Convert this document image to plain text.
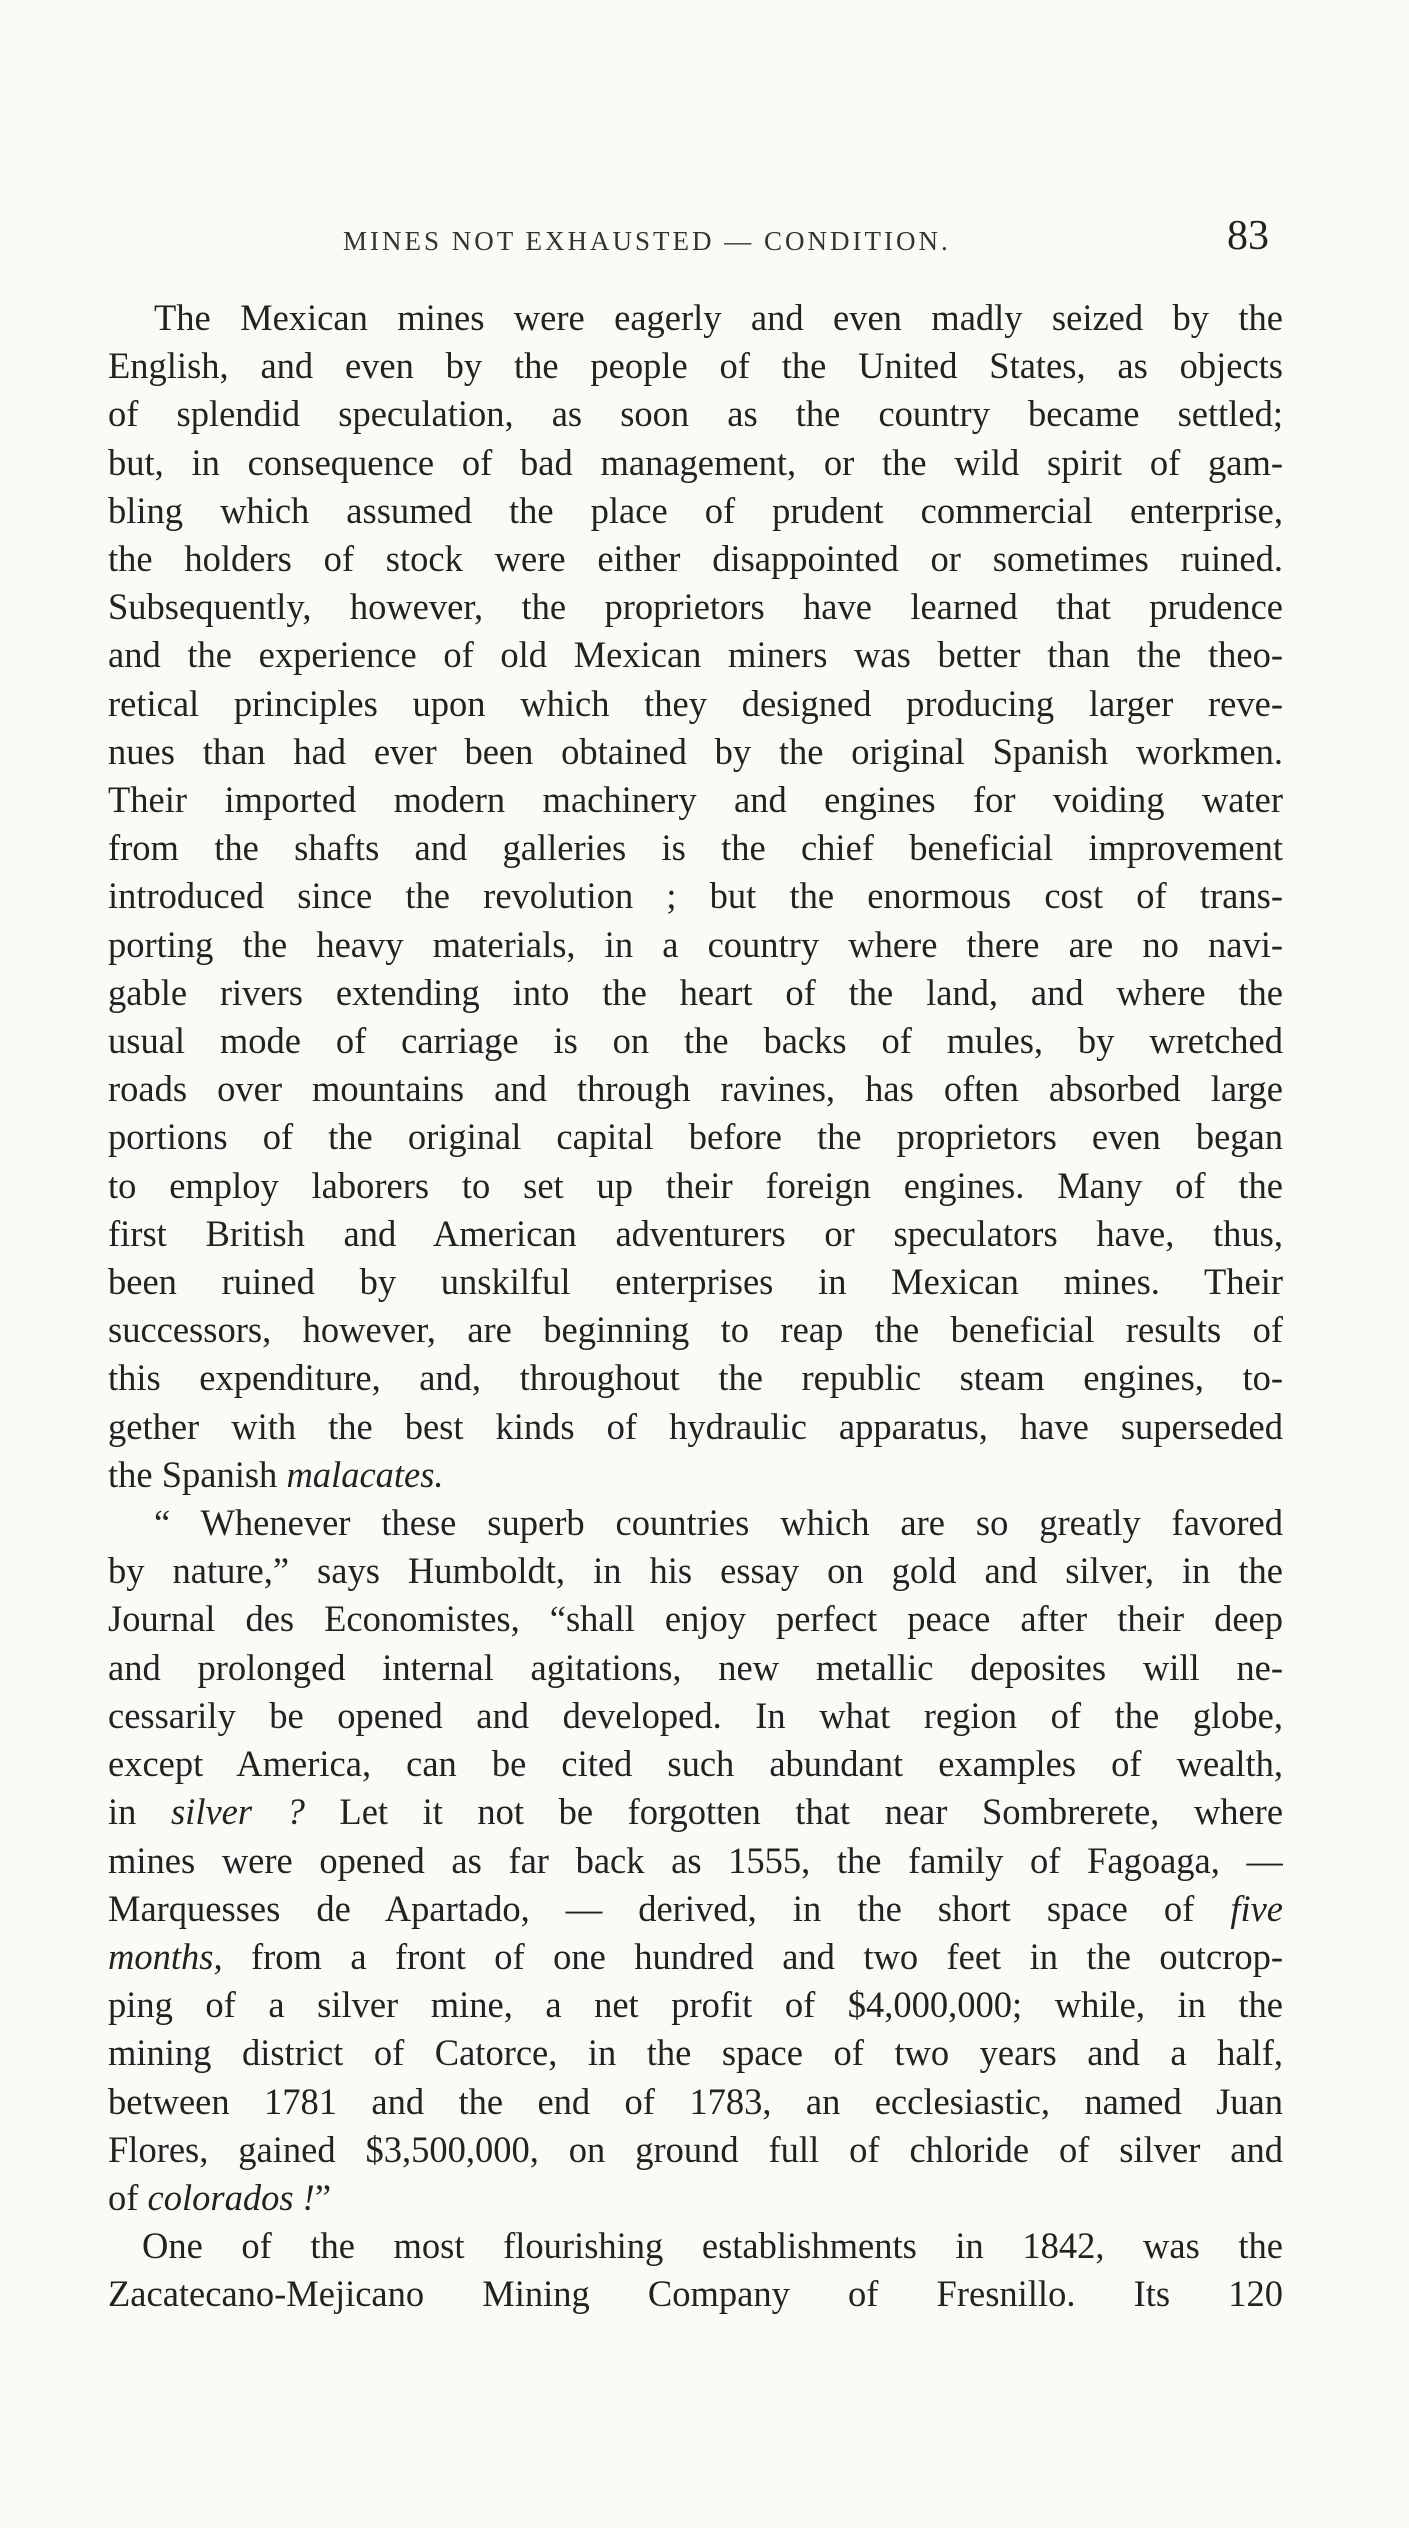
MINES NOT EXHAUSTED — CONDITION.	83
The Mexican mines were eagerly and even madly seized by the
English, and even by the people of the United States, as objects
of splendid speculation, as soon as the country became settled;
but, in consequence of bad management, or the wild spirit of gam-
bling which assumed the place of prudent commercial enterprise,
the holders of stock were either disappointed or sometimes ruined.
Subsequently, however, the proprietors have learned that prudence
and the experience of old Mexican miners was better than the theo-
retical principles upon which they designed producing larger reve-
nues than had ever been obtained by the original Spanish workmen.
Their imported modern machinery and engines for voiding water
from the shafts and galleries is the chief beneficial improvement
introduced since the revolution ; but the enormous cost of trans-
porting the heavy materials, in a country where there are no navi-
gable rivers extending into the heart of the land, and where the
usual mode of carriage is on the backs of mules, by wretched
roads over mountains and through ravines, has often absorbed large
portions of the original capital before the proprietors even began
to employ laborers to set up their foreign engines. Many of the
first British and American adventurers or speculators have, thus,
been ruined by unskilful enterprises in Mexican mines. Their
successors, however, are beginning to reap the beneficial results of
this expenditure, and, throughout the republic steam engines, to-
gether with the best kinds of hydraulic apparatus, have superseded
the Spanish malacates.
“ Whenever these superb countries which are so greatly favored
by nature,” says Humboldt, in his essay on gold and silver, in the
Journal des Economistes, “shall enjoy perfect peace after their deep
and prolonged internal agitations, new metallic deposites will ne-
cessarily be opened and developed. In what region of the globe,
except America, can be cited such abundant examples of wealth,
in silver ? Let it not be forgotten that near Sombrerete, where
mines were opened as far back as 1555, the family of Fagoaga, —
Marquesses de Apartado, — derived, in the short space of five
months, from a front of one hundred and two feet in the outcrop-
ping of a silver mine, a net profit of $4,000,000; while, in the
mining district of Catorce, in the space of two years and a half,
between 1781 and the end of 1783, an ecclesiastic, named Juan
Flores, gained $3,500,000, on ground full of chloride of silver and
of colorados !”
One of the most flourishing establishments in 1842, was the
Zacatecano-Mejicano Mining Company of Fresnillo. Its 120
